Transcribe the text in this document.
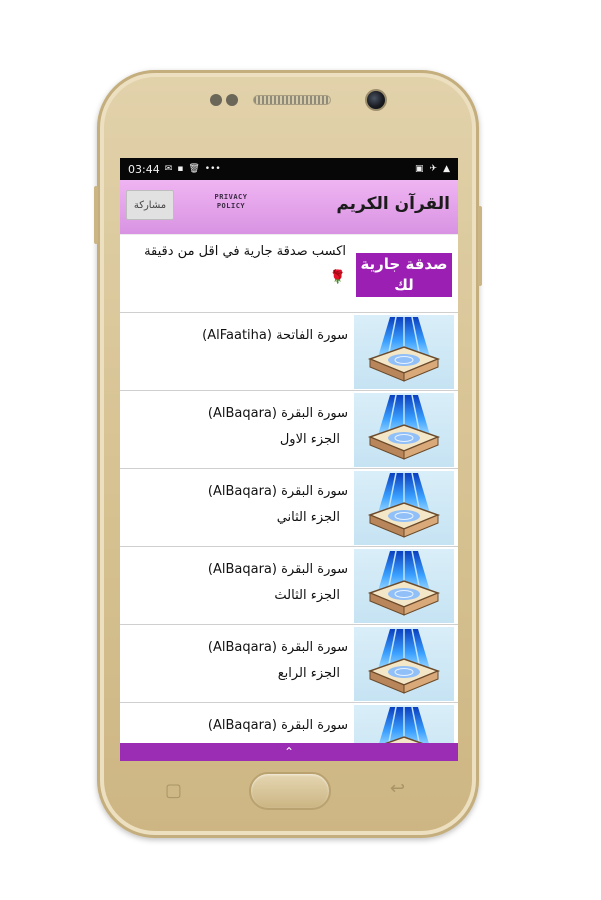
03:44 ✉ ▪ 🗑 •••	▣ ✈ ▲
مشاركة
PRIVACY
POLICY	القرآن الكريم
صدقة جارية لك
اكسب صدقة جارية في اقل من دقيقة 🌹
سورة الفاتحة (AlFaatiha)
سورة البقرة (AlBaqara)
الجزء الاول
سورة البقرة (AlBaqara)
الجزء الثاني
سورة البقرة (AlBaqara)
الجزء الثالث
سورة البقرة (AlBaqara)
الجزء الرابع
سورة البقرة (AlBaqara)
⌃
▢	↩
